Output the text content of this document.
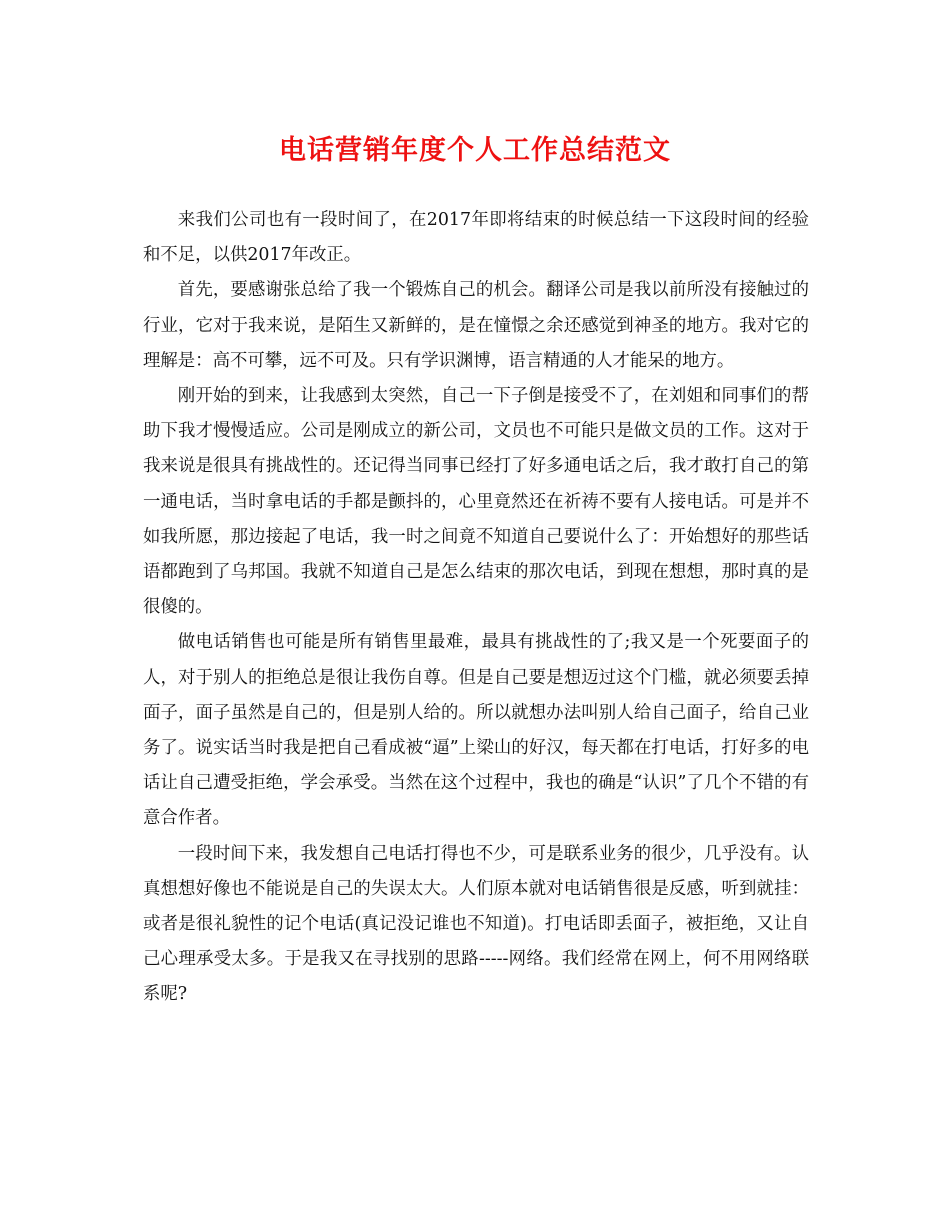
电话营销年度个人工作总结范文

来我们公司也有一段时间了，在2017年即将结束的时候总结一下这段时间的经验和不足，以供2017年改正。

首先，要感谢张总给了我一个锻炼自己的机会。翻译公司是我以前所没有接触过的行业，它对于我来说，是陌生又新鲜的，是在憧憬之余还感觉到神圣的地方。我对它的理解是：高不可攀，远不可及。只有学识渊博，语言精通的人才能呆的地方。

刚开始的到来，让我感到太突然，自己一下子倒是接受不了，在刘姐和同事们的帮助下我才慢慢适应。公司是刚成立的新公司，文员也不可能只是做文员的工作。这对于我来说是很具有挑战性的。还记得当同事已经打了好多通电话之后，我才敢打自己的第一通电话，当时拿电话的手都是颤抖的，心里竟然还在祈祷不要有人接电话。可是并不如我所愿，那边接起了电话，我一时之间竟不知道自己要说什么了：开始想好的那些话语都跑到了乌邦国。我就不知道自己是怎么结束的那次电话，到现在想想，那时真的是很傻的。

做电话销售也可能是所有销售里最难，最具有挑战性的了;我又是一个死要面子的人，对于别人的拒绝总是很让我伤自尊。但是自己要是想迈过这个门槛，就必须要丢掉面子，面子虽然是自己的，但是别人给的。所以就想办法叫别人给自己面子，给自己业务了。说实话当时我是把自己看成被“逼”上梁山的好汉，每天都在打电话，打好多的电话让自己遭受拒绝，学会承受。当然在这个过程中，我也的确是“认识”了几个不错的有意合作者。

一段时间下来，我发想自己电话打得也不少，可是联系业务的很少，几乎没有。认真想想好像也不能说是自己的失误太大。人们原本就对电话销售很是反感，听到就挂：或者是很礼貌性的记个电话(真记没记谁也不知道)。打电话即丢面子，被拒绝，又让自己心理承受太多。于是我又在寻找别的思路-----网络。我们经常在网上，何不用网络联系呢?
